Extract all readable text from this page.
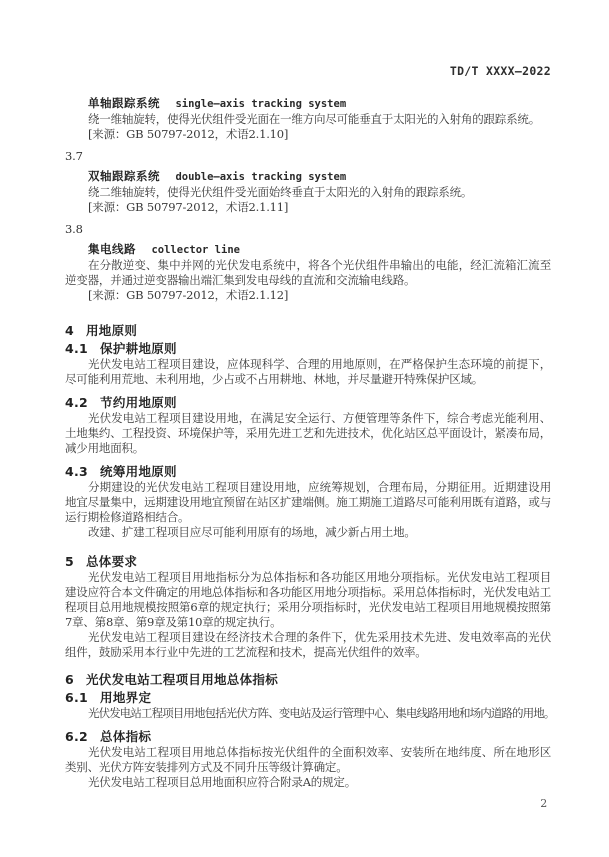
TD/T XXXX—2022
单轴跟踪系统 single—axis tracking system

绕一维轴旋转，使得光伏组件受光面在一维方向尽可能垂直于太阳光的入射角的跟踪系统。

[来源：GB 50797-2012，术语2.1.10]
3.7
双轴跟踪系统 double—axis tracking system

绕二维轴旋转，使得光伏组件受光面始终垂直于太阳光的入射角的跟踪系统。

[来源：GB 50797-2012，术语2.1.11]
3.8
集电线路 collector line

在分散逆变、集中并网的光伏发电系统中，将各个光伏组件串输出的电能，经汇流箱汇流至逆变器，并通过逆变器输出端汇集到发电母线的直流和交流输电线路。

[来源：GB 50797-2012，术语2.1.12]
4 用地原则
4.1 保护耕地原则

光伏发电站工程项目建设，应体现科学、合理的用地原则，在严格保护生态环境的前提下，尽可能利用荒地、未利用地，少占或不占用耕地、林地，并尽量避开特殊保护区域。

4.2 节约用地原则

光伏发电站工程项目建设用地，在满足安全运行、方便管理等条件下，综合考虑光能利用、土地集约、工程投资、环境保护等，采用先进工艺和先进技术，优化站区总平面设计，紧凑布局，减少用地面积。

4.3 统筹用地原则

分期建设的光伏发电站工程项目建设用地，应统筹规划，合理布局，分期征用。近期建设用地宜尽量集中，远期建设用地宜预留在站区扩建端侧。施工期施工道路尽可能利用既有道路，或与运行期检修道路相结合。

改建、扩建工程项目应尽可能利用原有的场地，减少新占用土地。

5 总体要求

光伏发电站工程项目用地指标分为总体指标和各功能区用地分项指标。光伏发电站工程项目建设应符合本文件确定的用地总体指标和各功能区用地分项指标。采用总体指标时，光伏发电站工程项目总用地规模按照第6章的规定执行；采用分项指标时，光伏发电站工程项目用地规模按照第7章、第8章、第9章及第10章的规定执行。

光伏发电站工程项目建设在经济技术合理的条件下，优先采用技术先进、发电效率高的光伏组件，鼓励采用本行业中先进的工艺流程和技术，提高光伏组件的效率。

6 光伏发电站工程项目用地总体指标
6.1 用地界定

光伏发电站工程项目用地包括光伏方阵、变电站及运行管理中心、集电线路用地和场内道路的用地。

6.2 总体指标

光伏发电站工程项目用地总体指标按光伏组件的全面积效率、安装所在地纬度、所在地形区类别、光伏方阵安装排列方式及不同升压等级计算确定。

光伏发电站工程项目总用地面积应符合附录A的规定。

2
